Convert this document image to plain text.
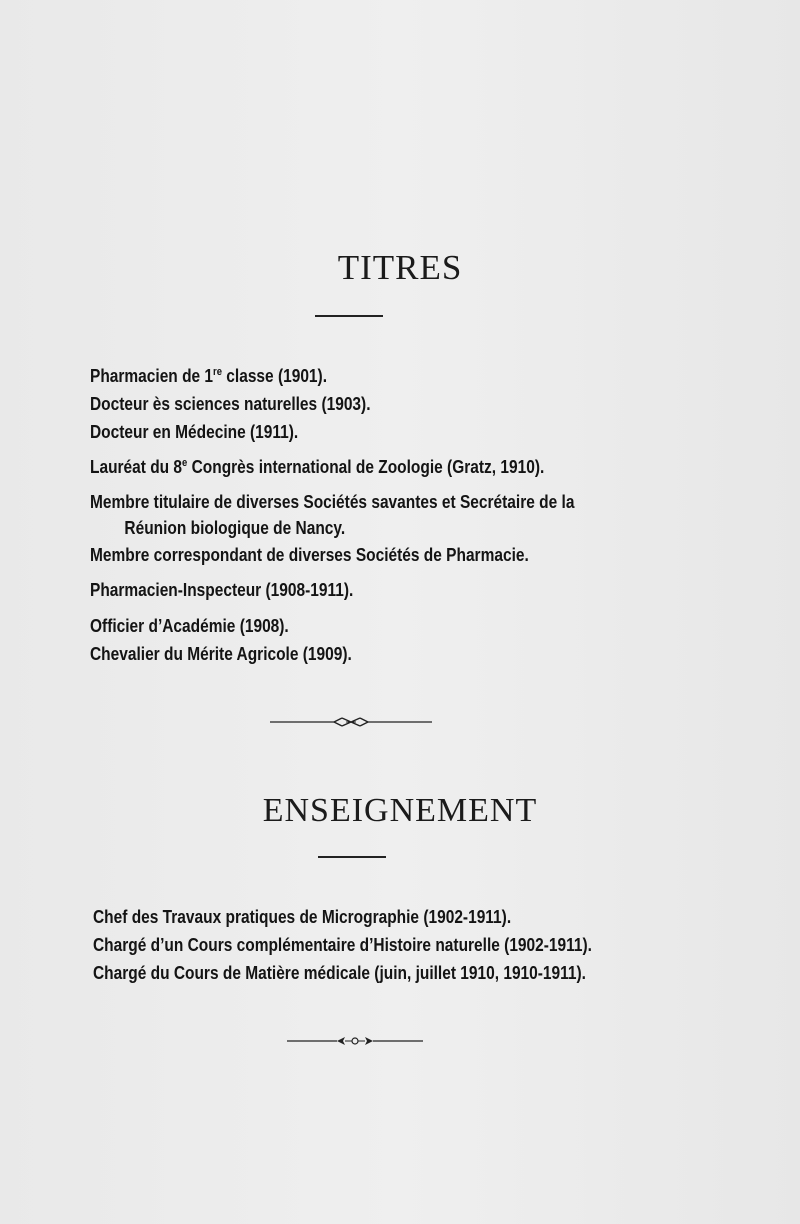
TITRES

Pharmacien de 1re classe (1901).

Docteur ès sciences naturelles (1903).

Docteur en Médecine (1911).

Lauréat du 8e Congrès international de Zoologie (Gratz, 1910).

Membre titulaire de diverses Sociétés savantes et Secrétaire de la

Réunion biologique de Nancy.

Membre correspondant de diverses Sociétés de Pharmacie.

Pharmacien-Inspecteur (1908-1911).

Officier d’Académie (1908).

Chevalier du Mérite Agricole (1909).

ENSEIGNEMENT

Chef des Travaux pratiques de Micrographie (1902-1911).

Chargé d’un Cours complémentaire d’Histoire naturelle (1902-1911).

Chargé du Cours de Matière médicale (juin, juillet 1910, 1910-1911).
